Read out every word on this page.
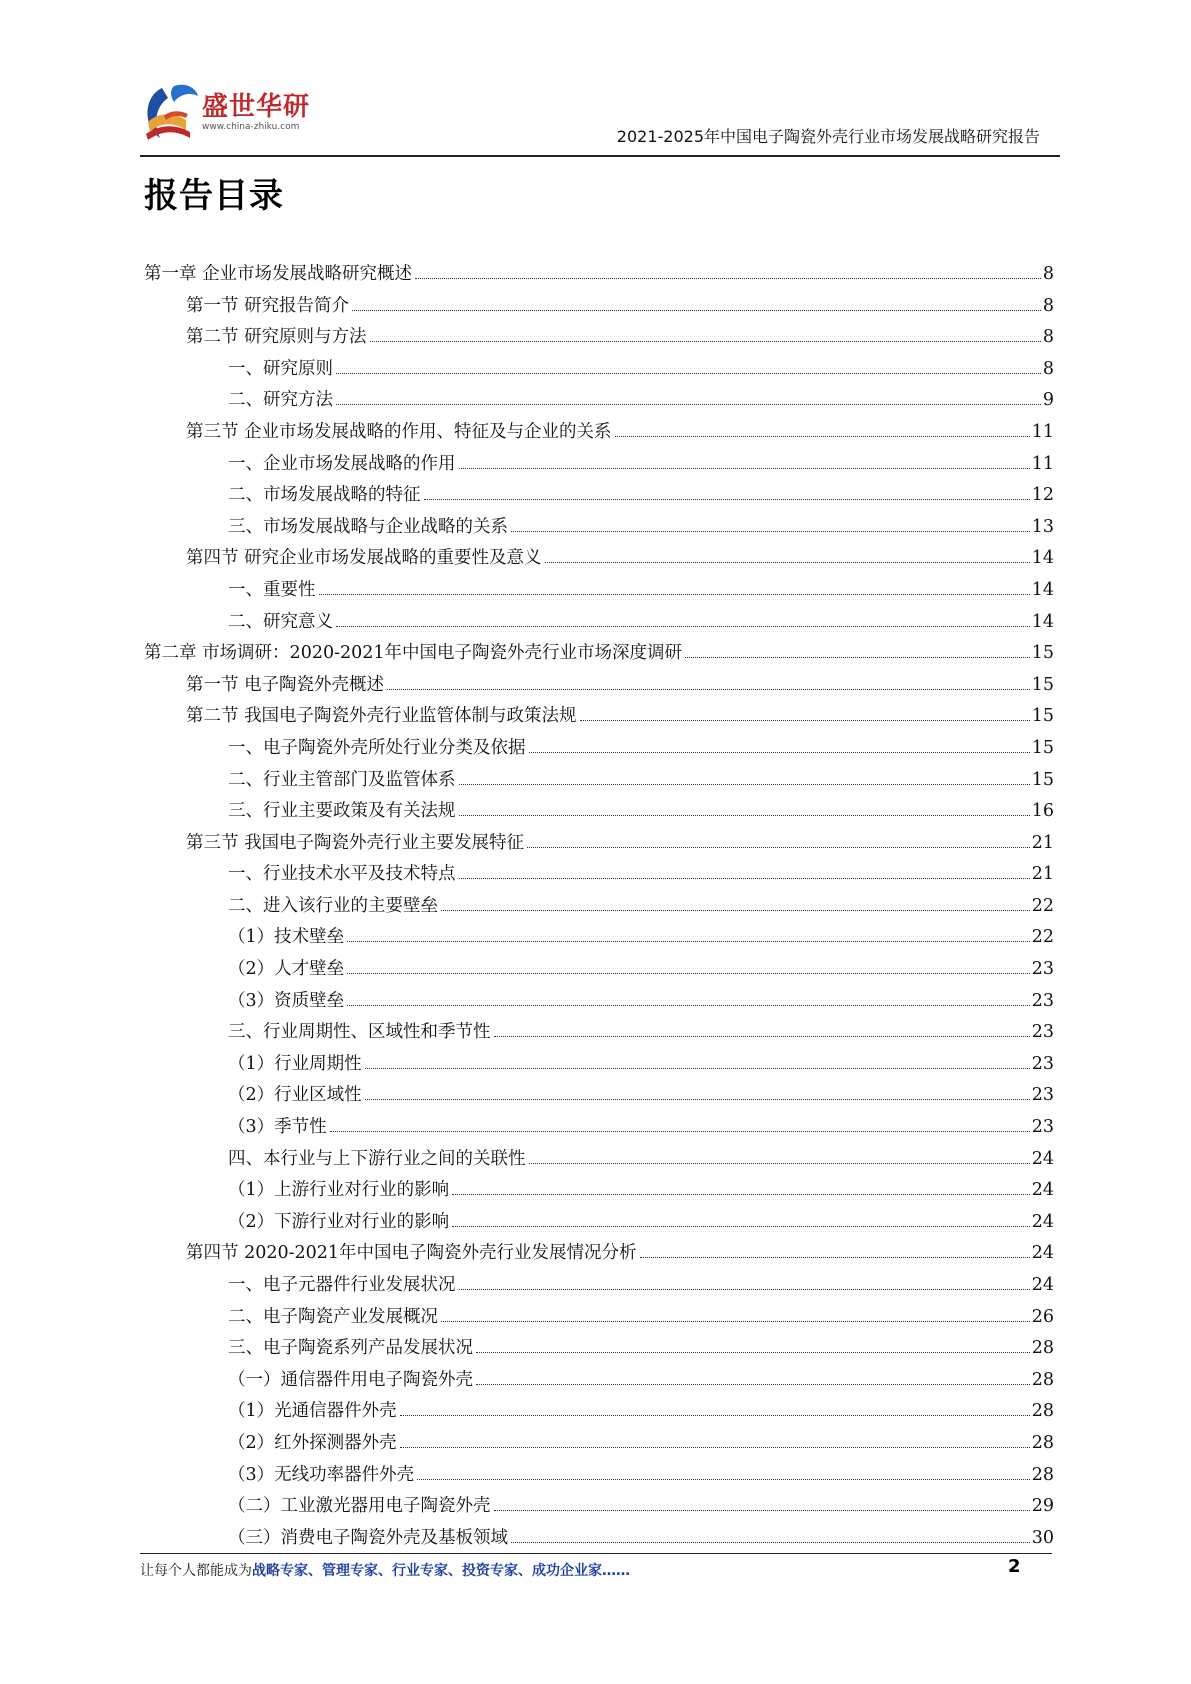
盛世华研
www.china-zhiku.com	2021-2025年中国电子陶瓷外壳行业市场发展战略研究报告
报告目录
第一章 企业市场发展战略研究概述	8
第一节 研究报告简介	8
第二节 研究原则与方法	8
一、研究原则	8
二、研究方法	9
第三节 企业市场发展战略的作用、特征及与企业的关系	11
一、企业市场发展战略的作用	11
二、市场发展战略的特征	12
三、市场发展战略与企业战略的关系	13
第四节 研究企业市场发展战略的重要性及意义	14
一、重要性	14
二、研究意义	14
第二章 市场调研：2020-2021年中国电子陶瓷外壳行业市场深度调研	15
第一节 电子陶瓷外壳概述	15
第二节 我国电子陶瓷外壳行业监管体制与政策法规	15
一、电子陶瓷外壳所处行业分类及依据	15
二、行业主管部门及监管体系	15
三、行业主要政策及有关法规	16
第三节 我国电子陶瓷外壳行业主要发展特征	21
一、行业技术水平及技术特点	21
二、进入该行业的主要壁垒	22
（1）技术壁垒	22
（2）人才壁垒	23
（3）资质壁垒	23
三、行业周期性、区域性和季节性	23
（1）行业周期性	23
（2）行业区域性	23
（3）季节性	23
四、本行业与上下游行业之间的关联性	24
（1）上游行业对行业的影响	24
（2）下游行业对行业的影响	24
第四节 2020-2021年中国电子陶瓷外壳行业发展情况分析	24
一、电子元器件行业发展状况	24
二、电子陶瓷产业发展概况	26
三、电子陶瓷系列产品发展状况	28
（一）通信器件用电子陶瓷外壳	28
（1）光通信器件外壳	28
（2）红外探测器外壳	28
（3）无线功率器件外壳	28
（二）工业激光器用电子陶瓷外壳	29
（三）消费电子陶瓷外壳及基板领域	30
让每个人都能成为战略专家、管理专家、行业专家、投资专家、成功企业家……	2
